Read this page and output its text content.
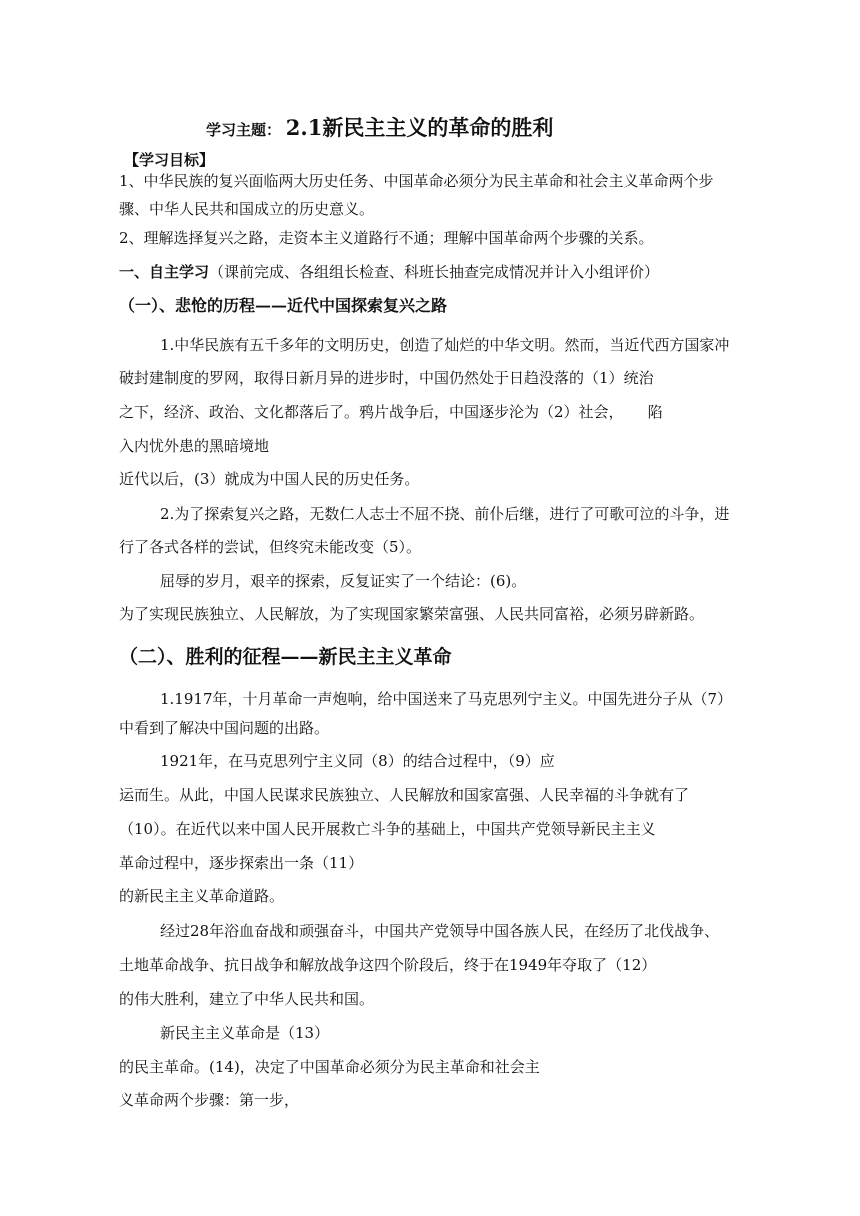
学习主题： 2.1新民主主义的革命的胜利
【学习目标】
1、中华民族的复兴面临两大历史任务、中国革命必须分为民主革命和社会主义革命两个步
骤、中华人民共和国成立的历史意义。
2、理解选择复兴之路，走资本主义道路行不通；理解中国革命两个步骤的关系。
一、自主学习（课前完成、各组组长检查、科班长抽查完成情况并计入小组评价）
（一）、悲怆的历程——近代中国探索复兴之路
1.中华民族有五千多年的文明历史，创造了灿烂的中华文明。然而，当近代西方国家冲
破封建制度的罗网，取得日新月异的进步时，中国仍然处于日趋没落的（1）统治
之下，经济、政治、文化都落后了。鸦片战争后，中国逐步沦为（2）社会， 陷
入内忧外患的黑暗境地
近代以后，(3）就成为中国人民的历史任务。
2.为了探索复兴之路，无数仁人志士不屈不挠、前仆后继，进行了可歌可泣的斗争，进
行了各式各样的尝试，但终究未能改变（5）。
屈辱的岁月，艰辛的探索，反复证实了一个结论：(6)。
为了实现民族独立、人民解放，为了实现国家繁荣富强、人民共同富裕，必须另辟新路。
（二）、胜利的征程——新民主主义革命
1.1917年，十月革命一声炮响，给中国送来了马克思列宁主义。中国先进分子从（7）
中看到了解决中国问题的出路。
1921年，在马克思列宁主义同（8）的结合过程中，（9）应
运而生。从此，中国人民谋求民族独立、人民解放和国家富强、人民幸福的斗争就有了
（10）。在近代以来中国人民开展救亡斗争的基础上，中国共产党领导新民主主义
革命过程中，逐步探索出一条（11）
的新民主主义革命道路。
经过28年浴血奋战和顽强奋斗，中国共产党领导中国各族人民，在经历了北伐战争、
土地革命战争、抗日战争和解放战争这四个阶段后，终于在1949年夺取了（12）
的伟大胜利，建立了中华人民共和国。
新民主主义革命是（13）
的民主革命。(14)，决定了中国革命必须分为民主革命和社会主
义革命两个步骤：第一步，
